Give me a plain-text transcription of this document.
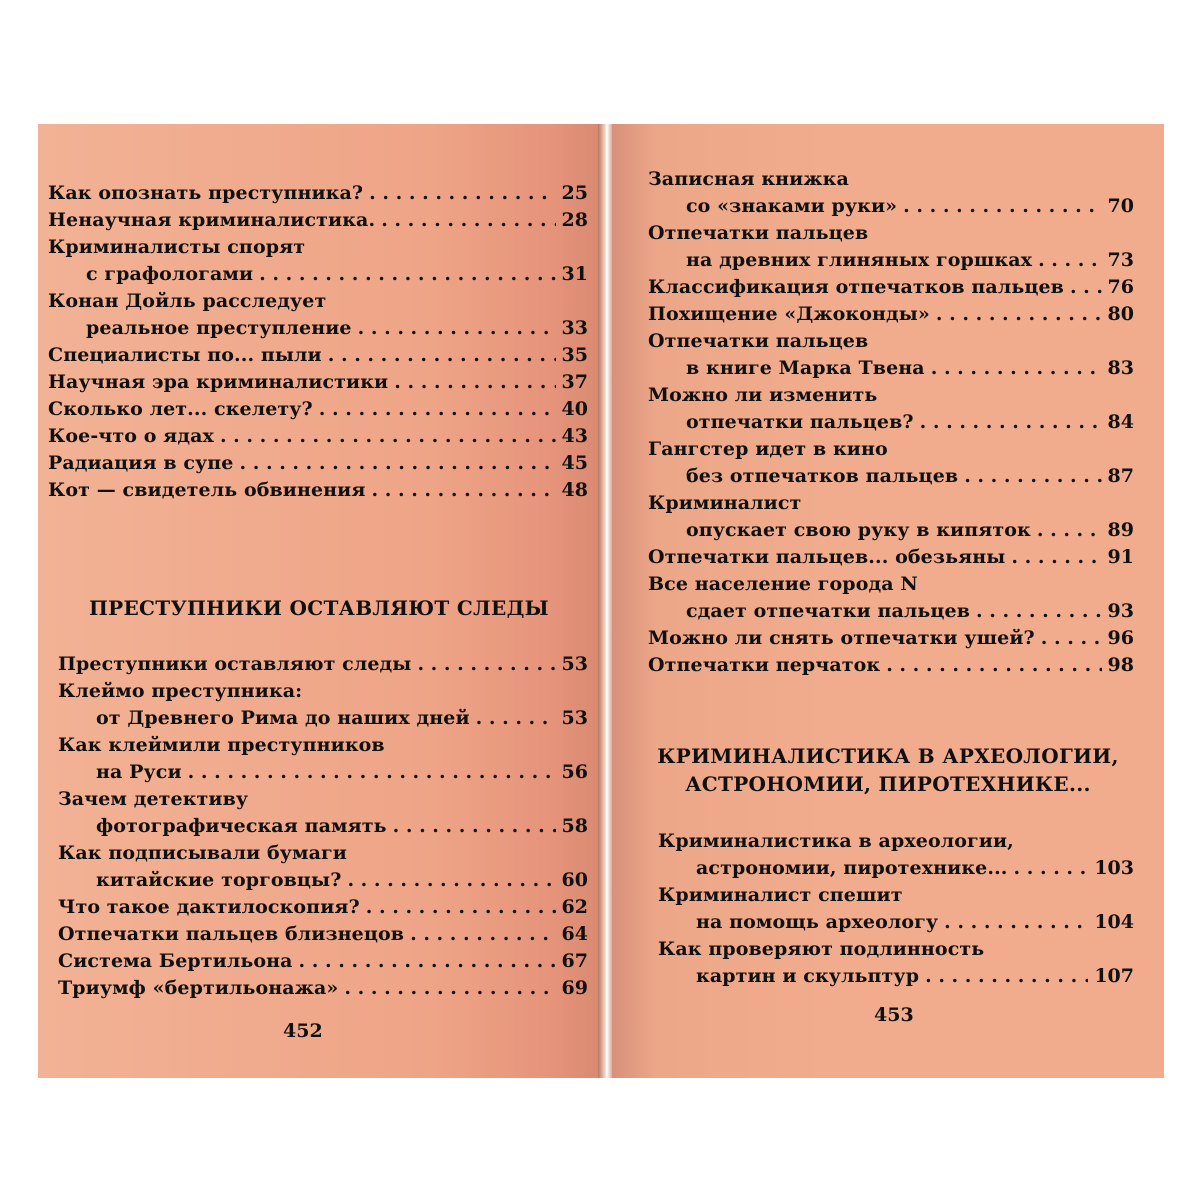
Как опознать преступника?	25
. . .
Ненаучная криминалистика.	28
. . .
Криминалисты спорят
с графологами	31
. . .
Конан Дойль расследует
реальное преступление	33
. . .
Специалисты по... пыли	35
. . .
Научная эра криминалистики	37
. . .
Сколько лет... скелету?	40
. . .
Кое-что о ядах	43
. . .
Радиация в супе	45
. . .
Кот — свидетель обвинения	48
. . .
ПРЕСТУПНИКИ ОСТАВЛЯЮТ СЛЕДЫ
Преступники оставляют следы	53
. . .
Клеймо преступника:
от Древнего Рима до наших дней	53
. . .
Как клеймили преступников
на Руси	56
. . .
Зачем детективу
фотографическая память	58
. . .
Как подписывали бумаги
китайские торговцы?	60
. . .
Что такое дактилоскопия?	62
. . .
Отпечатки пальцев близнецов	64
. . .
Система Бертильона	67
. . .
Триумф «бертильонажа»	69
. . .
452
Записная книжка
со «знаками руки»	70
. . .
Отпечатки пальцев
на древних глиняных горшках	73
. . .
Классификация отпечатков пальцев 76
. . .
Похищение «Джоконды»	80
. . .
Отпечатки пальцев
в книге Марка Твена	83
. . .
Можно ли изменить
отпечатки пальцев?	84
. . .
Гангстер идет в кино
без отпечатков пальцев	87
. . .
Криминалист
опускает свою руку в кипяток	89
. . .
Отпечатки пальцев... обезьяны	91
. . .
Все население города N
сдает отпечатки пальцев	93
. . .
Можно ли снять отпечатки ушей?	96
. . .
Отпечатки перчаток	98
. . .
КРИМИНАЛИСТИКА В АРХЕОЛОГИИ,
АСТРОНОМИИ, ПИРОТЕХНИКЕ...
Криминалистика в археологии,
астрономии, пиротехнике...	103
. . .
Криминалист спешит
на помощь археологу	104
. . .
Как проверяют подлинность
картин и скульптур	107
. . .
453
